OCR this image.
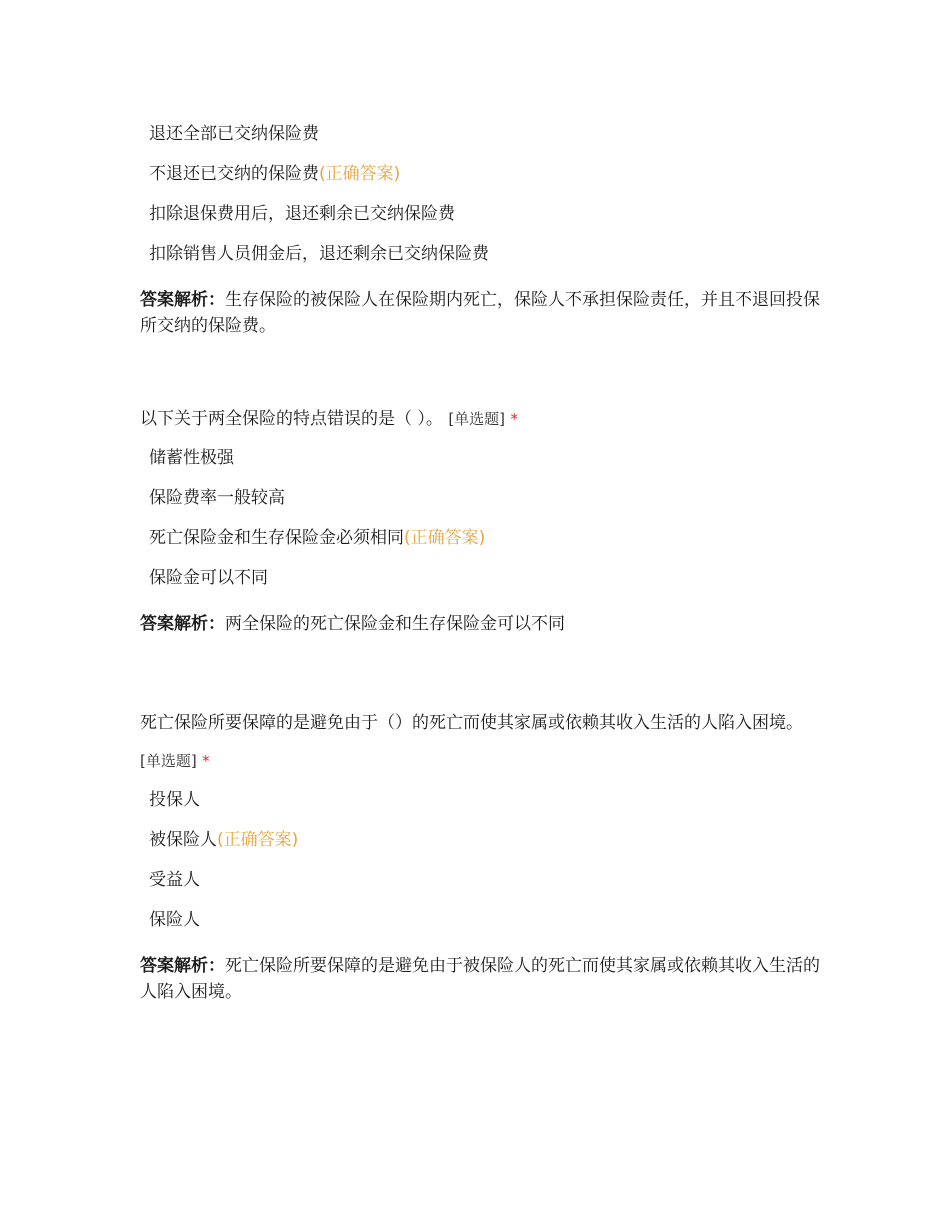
退还全部已交纳保险费
不退还已交纳的保险费(正确答案)
扣除退保费用后，退还剩余已交纳保险费
扣除销售人员佣金后，退还剩余已交纳保险费
答案解析：生存保险的被保险人在保险期内死亡，保险人不承担保险责任，并且不退回投保所交纳的保险费。
以下关于两全保险的特点错误的是（ ）。 [单选题] *
储蓄性极强
保险费率一般较高
死亡保险金和生存保险金必须相同(正确答案)
保险金可以不同
答案解析：两全保险的死亡保险金和生存保险金可以不同
死亡保险所要保障的是避免由于（）的死亡而使其家属或依赖其收入生活的人陷入困境。 [单选题] *
投保人
被保险人(正确答案)
受益人
保险人
答案解析：死亡保险所要保障的是避免由于被保险人的死亡而使其家属或依赖其收入生活的人陷入困境。
